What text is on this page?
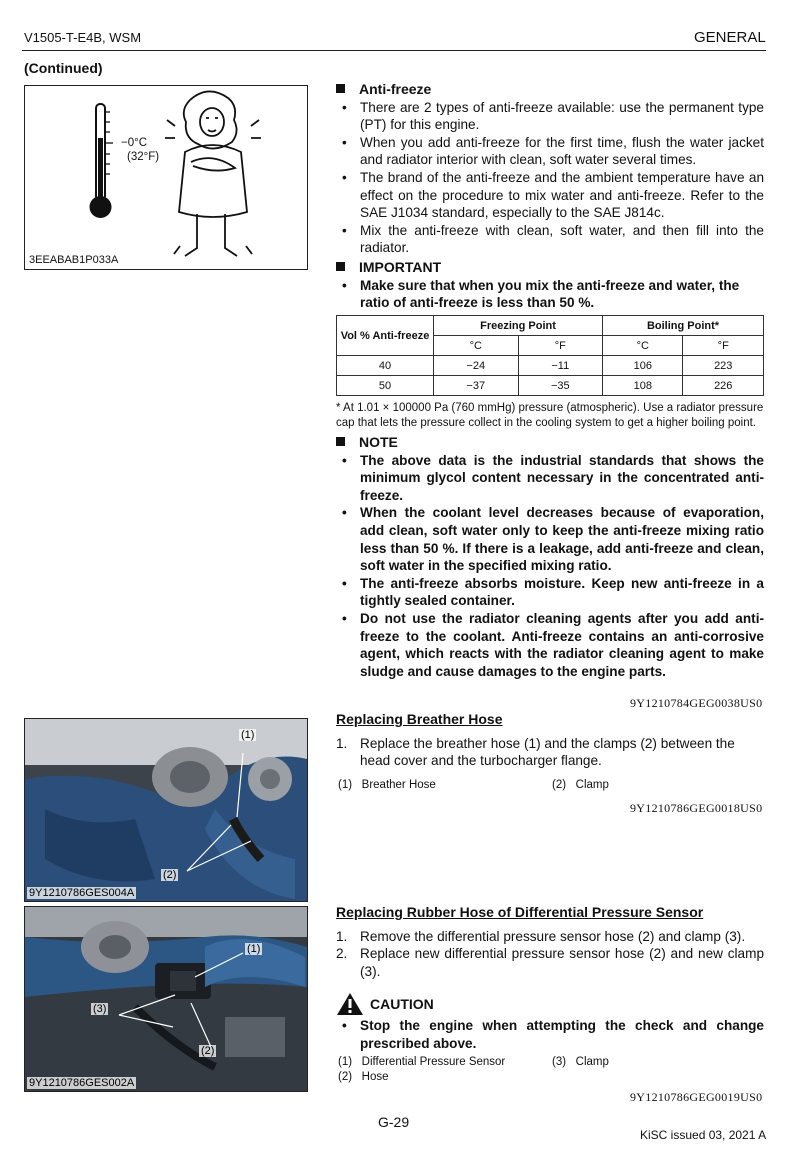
V1505-T-E4B, WSM	GENERAL
(Continued)
−0°C
(32°F)
3EEABAB1P033A
Anti-freeze
• There are 2 types of anti-freeze available: use the permanent type (PT) for this engine.
• When you add anti-freeze for the first time, flush the water jacket and radiator interior with clean, soft water several times.
• The brand of the anti-freeze and the ambient temperature have an effect on the procedure to mix water and anti-freeze. Refer to the SAE J1034 standard, especially to the SAE J814c.
• Mix the anti-freeze with clean, soft water, and then fill into the radiator.
IMPORTANT
• Make sure that when you mix the anti-freeze and water, the ratio of anti-freeze is less than 50 %.
Vol % Anti-freeze	Freezing Point		Boiling Point*	
	°C	°F	°C	°F
40	−24	−11	106	223
50	−37	−35	108	226
* At 1.01 × 100000 Pa (760 mmHg) pressure (atmospheric). Use a radiator pressure cap that lets the pressure collect in the cooling system to get a higher boiling point.
NOTE
• The above data is the industrial standards that shows the minimum glycol content necessary in the concentrated anti-freeze.
• When the coolant level decreases because of evaporation, add clean, soft water only to keep the anti-freeze mixing ratio less than 50 %. If there is a leakage, add anti-freeze and clean, soft water in the specified mixing ratio.
• The anti-freeze absorbs moisture. Keep new anti-freeze in a tightly sealed container.
• Do not use the radiator cleaning agents after you add anti-freeze to the coolant. Anti-freeze contains an anti-corrosive agent, which reacts with the radiator cleaning agent to make sludge and cause damages to the engine parts.
9Y1210784GEG0038US0
(1)
(2)
9Y1210786GES004A
Replacing Breather Hose
1. Replace the breather hose (1) and the clamps (2) between the head cover and the turbocharger flange.
(1) Breather Hose	(2) Clamp
9Y1210786GEG0018US0
(1)
(2)
(3)
9Y1210786GES002A
Replacing Rubber Hose of Differential Pressure Sensor
1. Remove the differential pressure sensor hose (2) and clamp (3).
2. Replace new differential pressure sensor hose (2) and new clamp (3).
CAUTION
• Stop the engine when attempting the check and change prescribed above.
(1) Differential Pressure Sensor	(3) Clamp
(2) Hose
9Y1210786GEG0019US0
G-29
KiSC issued 03, 2021 A
